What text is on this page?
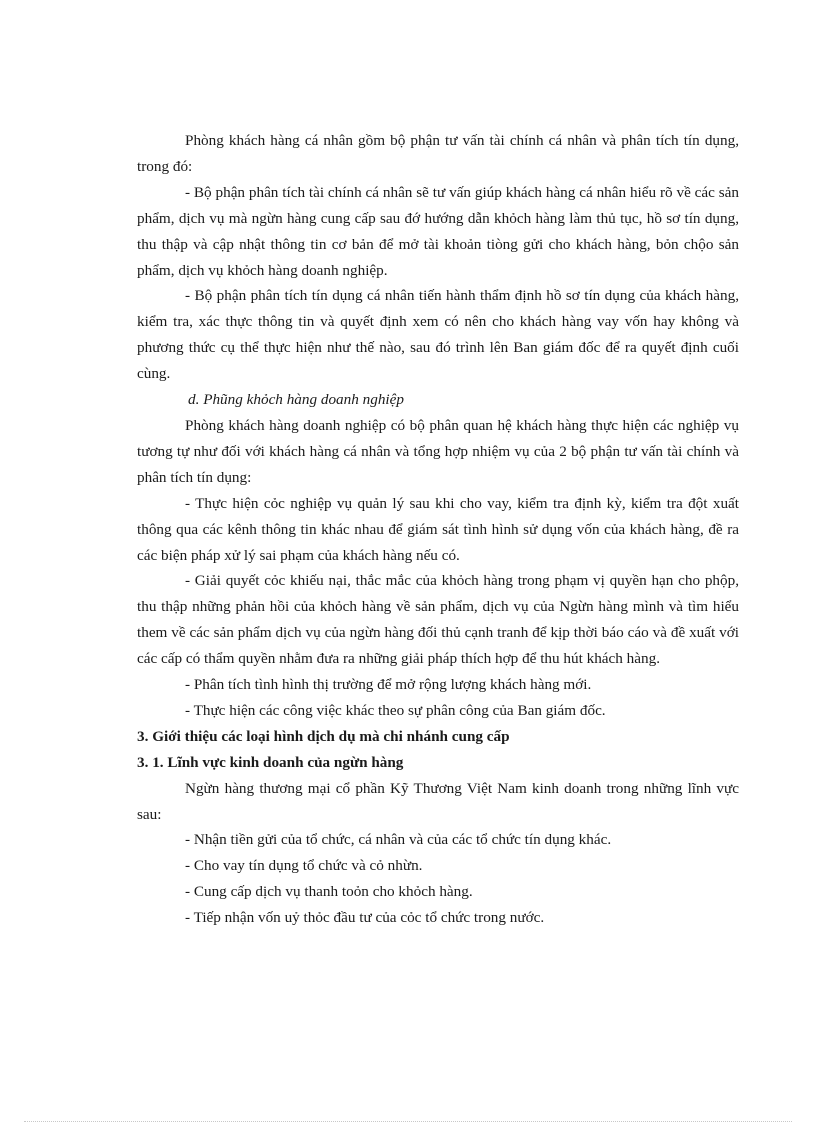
Phòng khách hàng cá nhân gồm bộ phận tư vấn tài chính cá nhân và phân tích tín dụng, trong đó:

- Bộ phận phân tích tài chính cá nhân sẽ tư vấn giúp khách hàng cá nhân hiểu rõ về các sản phẩm, dịch vụ mà ngừn hàng cung cấp sau đớ hướng dẫn khỏch hàng làm thủ tục, hồ sơ tín dụng, thu thập và cập nhật thông tin cơ bản để mở tài khoản tiòng gửi cho khách hàng, bỏn chộo sản phẩm, dịch vụ khỏch hàng doanh nghiệp.

- Bộ phận phân tích tín dụng cá nhân tiến hành thẩm định hồ sơ tín dụng của khách hàng, kiểm tra, xác thực thông tin và quyết định xem có nên cho khách hàng vay vốn hay không và phương thức cụ thể thực hiện như thế nào, sau đó trình lên Ban giám đốc để ra quyết định cuối cùng.

d. Phũng khỏch hàng doanh nghiệp

Phòng khách hàng doanh nghiệp có bộ phân quan hệ khách hàng thực hiện các nghiệp vụ tương tự như đối với khách hàng cá nhân và tổng hợp nhiệm vụ của 2 bộ phận tư vấn tài chính và phân tích tín dụng:

- Thực hiện cỏc nghiệp vụ quản lý sau khi cho vay, kiểm tra định kỳ, kiểm tra đột xuất thông qua các kênh thông tin khác nhau để giám sát tình hình sử dụng vốn của khách hàng, đề ra các biện pháp xử lý sai phạm của khách hàng nếu có.

- Giải quyết cỏc khiếu nại, thắc mắc của khỏch hàng trong phạm vị quyền hạn cho phộp, thu thập những phản hồi của khỏch hàng về sản phẩm, dịch vụ của Ngừn hàng mình và tìm hiểu them về các sản phẩm dịch vụ của ngừn hàng đối thủ cạnh tranh để kịp thời báo cáo và đề xuất với các cấp có thẩm quyền nhằm đưa ra những giải pháp thích hợp để thu hút khách hàng.

- Phân tích tình hình thị trường để mở rộng lượng khách hàng mới.

- Thực hiện các công việc khác theo sự phân công của Ban giám đốc.

3. Giới thiệu các loại hình dịch dụ mà chi nhánh cung cấp

3. 1. Lĩnh vực kinh doanh của ngừn hàng

Ngừn hàng thương mại cổ phần Kỹ Thương Việt Nam kinh doanh trong những lĩnh vực sau:

- Nhận tiền gửi của tổ chức, cá nhân và của các tổ chức tín dụng khác.

- Cho vay tín dụng tổ chức và cỏ nhừn.

- Cung cấp dịch vụ thanh toỏn cho khỏch hàng.

- Tiếp nhận vốn uỷ thỏc đầu tư của cỏc tổ chức trong nước.
